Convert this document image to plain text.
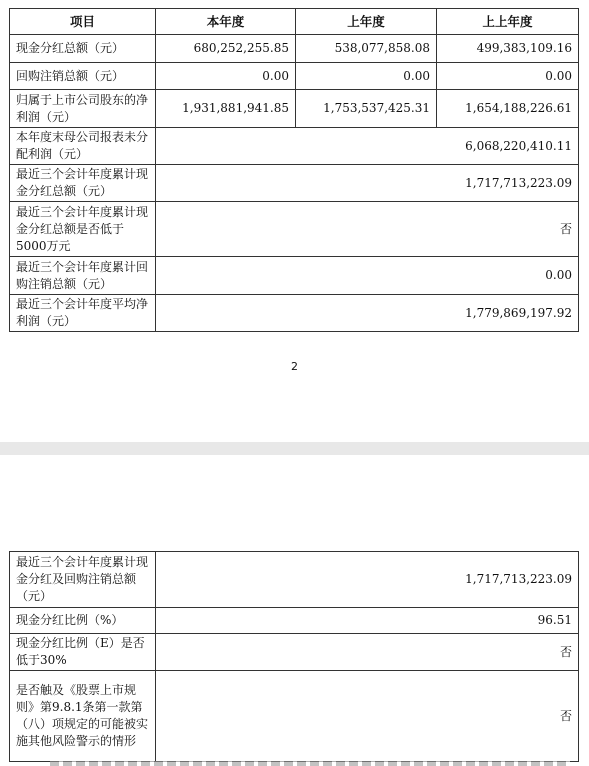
项目	本年度	上年度	上上年度
现金分红总额（元）	680,252,255.85	538,077,858.08	499,383,109.16
回购注销总额（元）	0.00	0.00	0.00
归属于上市公司股东的净利润（元）	1,931,881,941.85	1,753,537,425.31	1,654,188,226.61
本年度末母公司报表未分配利润（元）	6,068,220,410.11		
最近三个会计年度累计现金分红总额（元）	1,717,713,223.09		
最近三个会计年度累计现金分红总额是否低于5000万元	否		
最近三个会计年度累计回购注销总额（元）	0.00		
最近三个会计年度平均净利润（元）	1,779,869,197.92		
2
最近三个会计年度累计现金分红及回购注销总额（元）	1,717,713,223.09
现金分红比例（%）	96.51
现金分红比例（E）是否低于30%	否
是否触及《股票上市规则》第9.8.1条第一款第（八）项规定的可能被实施其他风险警示的情形	否
